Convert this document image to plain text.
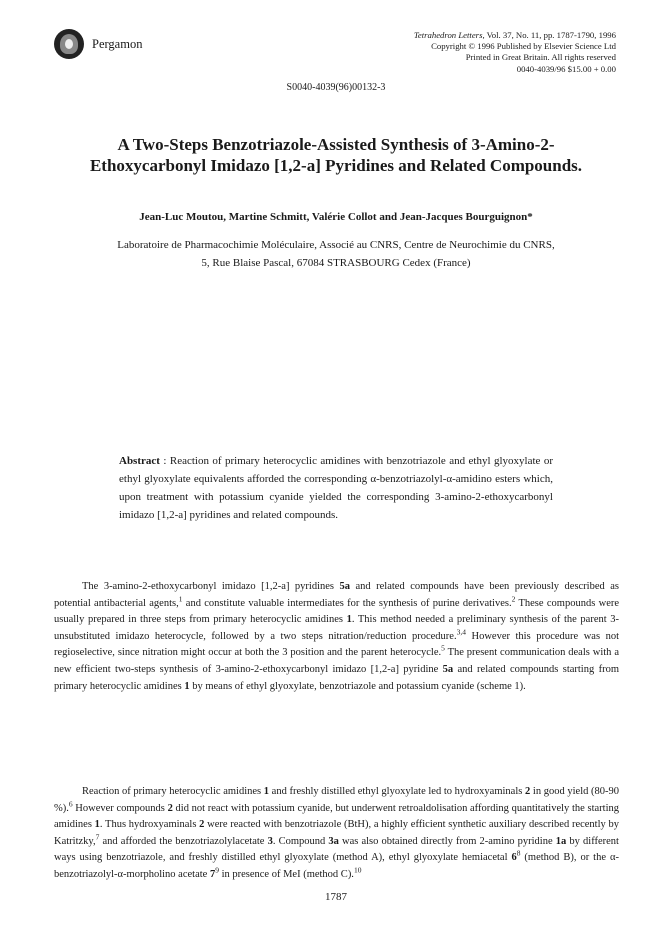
Pergamon
Tetrahedron Letters, Vol. 37, No. 11, pp. 1787-1790, 1996
Copyright © 1996 Published by Elsevier Science Ltd
Printed in Great Britain. All rights reserved
0040-4039/96 $15.00 + 0.00
S0040-4039(96)00132-3
A Two-Steps Benzotriazole-Assisted Synthesis of 3-Amino-2-
Ethoxycarbonyl Imidazo [1,2-a] Pyridines and Related Compounds.
Jean-Luc Moutou, Martine Schmitt, Valérie Collot and Jean-Jacques Bourguignon*
Laboratoire de Pharmacochimie Moléculaire, Associé au CNRS, Centre de Neurochimie du CNRS,
5, Rue Blaise Pascal, 67084 STRASBOURG Cedex (France)
Abstract : Reaction of primary heterocyclic amidines with benzotriazole and ethyl glyoxylate or ethyl glyoxylate equivalents afforded the corresponding α-benzotriazolyl-α-amidino esters which, upon treatment with potassium cyanide yielded the corresponding 3-amino-2-ethoxycarbonyl imidazo [1,2-a] pyridines and related compounds.
The 3-amino-2-ethoxycarbonyl imidazo [1,2-a] pyridines 5a and related compounds have been previously described as potential antibacterial agents,$^1$ and constitute valuable intermediates for the synthesis of purine derivatives.$^2$ These compounds were usually prepared in three steps from primary heterocyclic amidines 1. This method needed a preliminary synthesis of the parent 3-unsubstituted imidazo heterocycle, followed by a two steps nitration/reduction procedure.$^{3,4}$ However this procedure was not regioselective, since nitration might occur at both the 3 position and the parent heterocycle.$^5$ The present communication deals with a new efficient two-steps synthesis of 3-amino-2-ethoxycarbonyl imidazo [1,2-a] pyridine 5a and related compounds starting from primary heterocyclic amidines 1 by means of ethyl glyoxylate, benzotriazole and potassium cyanide (scheme 1).
Reaction of primary heterocyclic amidines 1 and freshly distilled ethyl glyoxylate led to hydroxyaminals 2 in good yield (80-90 %).$^6$ However compounds 2 did not react with potassium cyanide, but underwent retroaldolisation affording quantitatively the starting amidines 1. Thus hydroxyaminals 2 were reacted with benzotriazole (BtH), a highly efficient synthetic auxiliary described recently by Katritzky,$^7$ and afforded the benzotriazolylacetate 3. Compound 3a was also obtained directly from 2-amino pyridine 1a by different ways using benzotriazole, and freshly distilled ethyl glyoxylate (method A), ethyl glyoxylate hemiacetal $6^8$ (method B), or the α-benzotriazolyl-α-morpholino acetate $7^9$ in presence of MeI (method C).$^{10}$
1787
